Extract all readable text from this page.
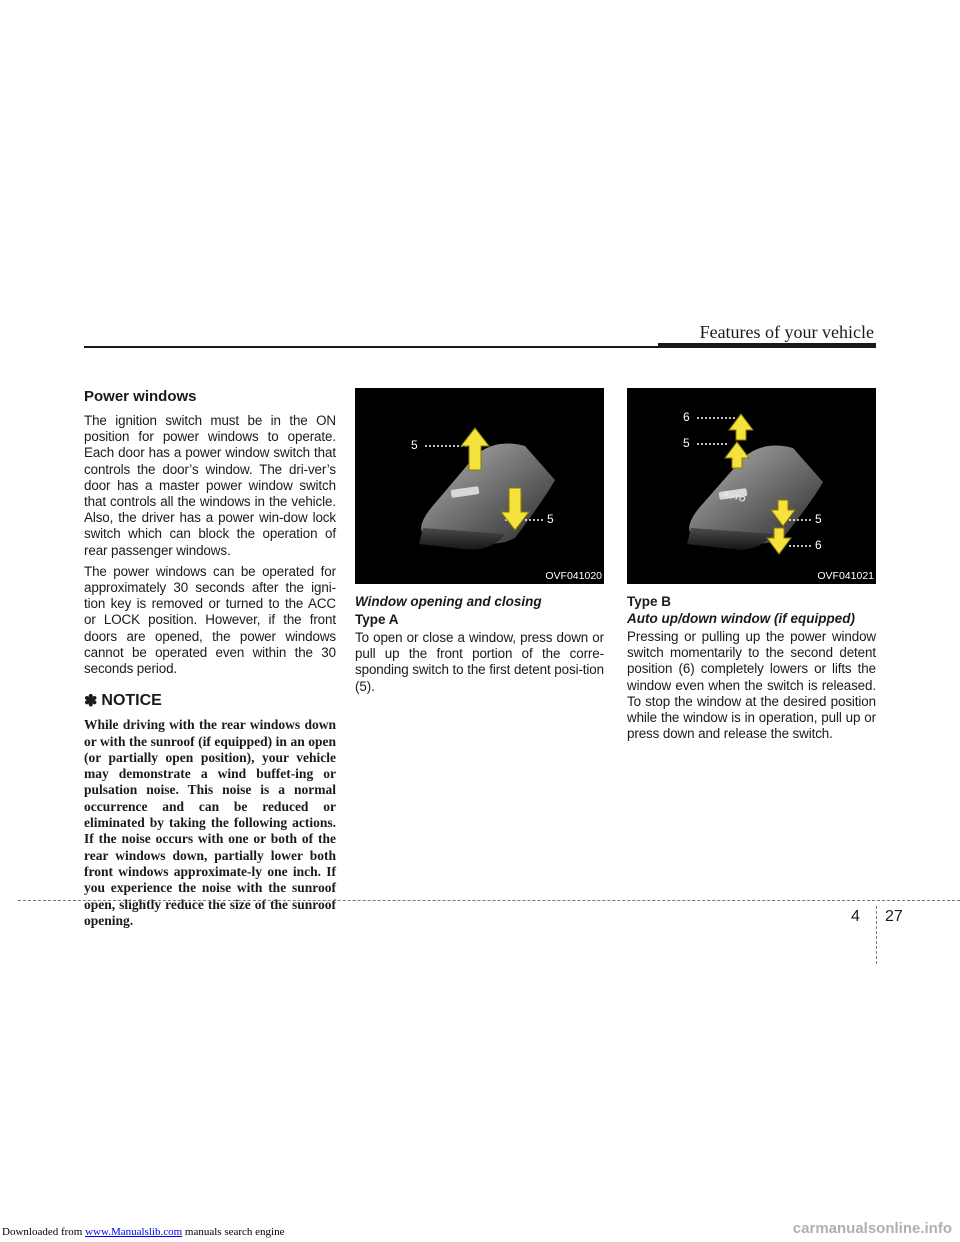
Features of your vehicle
Power windows

The ignition switch must be in the ON position for power windows to operate. Each door has a power window switch that controls the door’s window. The dri-ver’s door has a master power window switch that controls all the windows in the vehicle. Also, the driver has a power win-dow lock switch which can block the operation of rear passenger windows.

The power windows can be operated for approximately 30 seconds after the igni-tion key is removed or turned to the ACC or LOCK position. However, if the front doors are opened, the power windows cannot be operated even within the 30 seconds period.

✽ NOTICE

While driving with the rear windows down or with the sunroof (if equipped) in an open (or partially open position), your vehicle may demonstrate a wind buffet-ing or pulsation noise. This noise is a normal occurrence and can be reduced or eliminated by taking the following actions. If the noise occurs with one or both of the rear windows down, partially lower both front windows approximate-ly one inch. If you experience the noise with the sunroof open, slightly reduce the size of the sunroof opening.

5
5
OVF041020
Window opening and closing
Type A

To open or close a window, press down or pull up the front portion of the corre-sponding switch to the first detent posi-tion (5).

6
5
5
6
AUTO
OVF041021
Type B
Auto up/down window (if equipped)

Pressing or pulling up the power window switch momentarily to the second detent position (6) completely lowers or lifts the window even when the switch is released. To stop the window at the desired position while the window is in operation, pull up or press down and release the switch.

4 27
Downloaded from www.Manualslib.com manuals search engine	carmanualsonline.info
